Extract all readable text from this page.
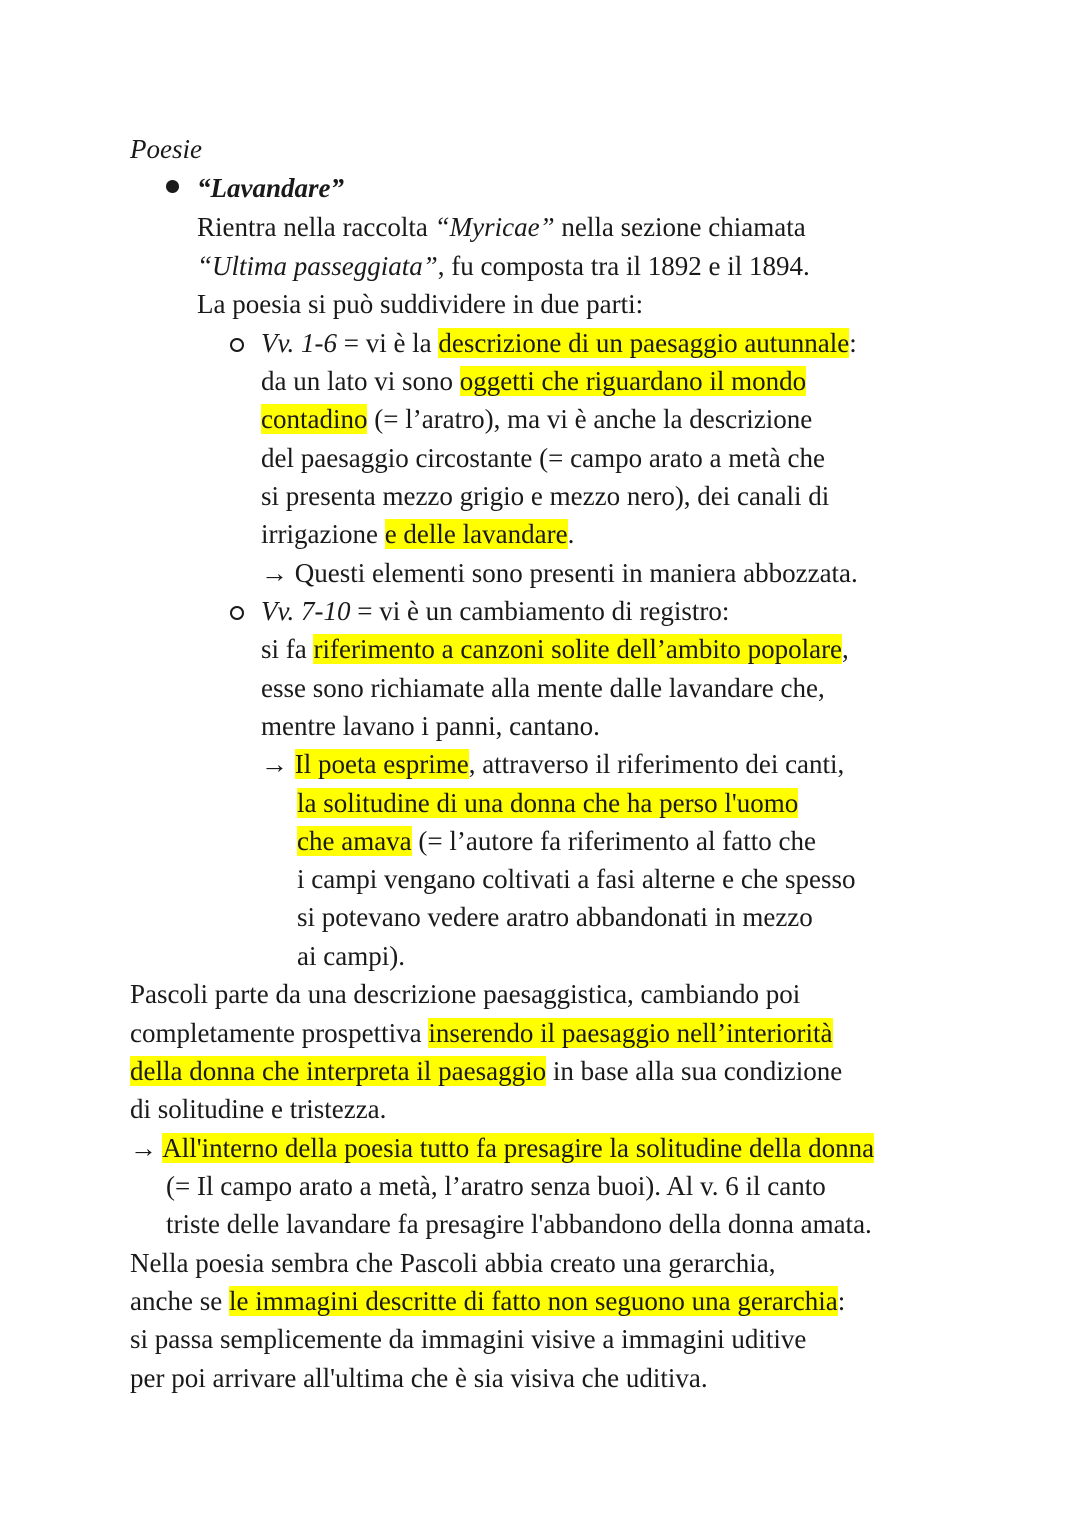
Poesie
“Lavandare”
Rientra nella raccolta “Myricae” nella sezione chiamata
“Ultima passeggiata”, fu composta tra il 1892 e il 1894.
La poesia si può suddividere in due parti:
Vv. 1-6 = vi è la descrizione di un paesaggio autunnale:
da un lato vi sono oggetti che riguardano il mondo
contadino (= l’aratro), ma vi è anche la descrizione
del paesaggio circostante (= campo arato a metà che
si presenta mezzo grigio e mezzo nero), dei canali di
irrigazione e delle lavandare.
→ Questi elementi sono presenti in maniera abbozzata.
Vv. 7-10 = vi è un cambiamento di registro:
si fa riferimento a canzoni solite dell’ambito popolare,
esse sono richiamate alla mente dalle lavandare che,
mentre lavano i panni, cantano.
→ Il poeta esprime, attraverso il riferimento dei canti,
la solitudine di una donna che ha perso l'uomo
che amava (= l’autore fa riferimento al fatto che
i campi vengano coltivati a fasi alterne e che spesso
si potevano vedere aratro abbandonati in mezzo
ai campi).
Pascoli parte da una descrizione paesaggistica, cambiando poi
completamente prospettiva inserendo il paesaggio nell’interiorità
della donna che interpreta il paesaggio in base alla sua condizione
di solitudine e tristezza.
→ All'interno della poesia tutto fa presagire la solitudine della donna
(= Il campo arato a metà, l’aratro senza buoi). Al v. 6 il canto
triste delle lavandare fa presagire l'abbandono della donna amata.
Nella poesia sembra che Pascoli abbia creato una gerarchia,
anche se le immagini descritte di fatto non seguono una gerarchia:
si passa semplicemente da immagini visive a immagini uditive
per poi arrivare all'ultima che è sia visiva che uditiva.
